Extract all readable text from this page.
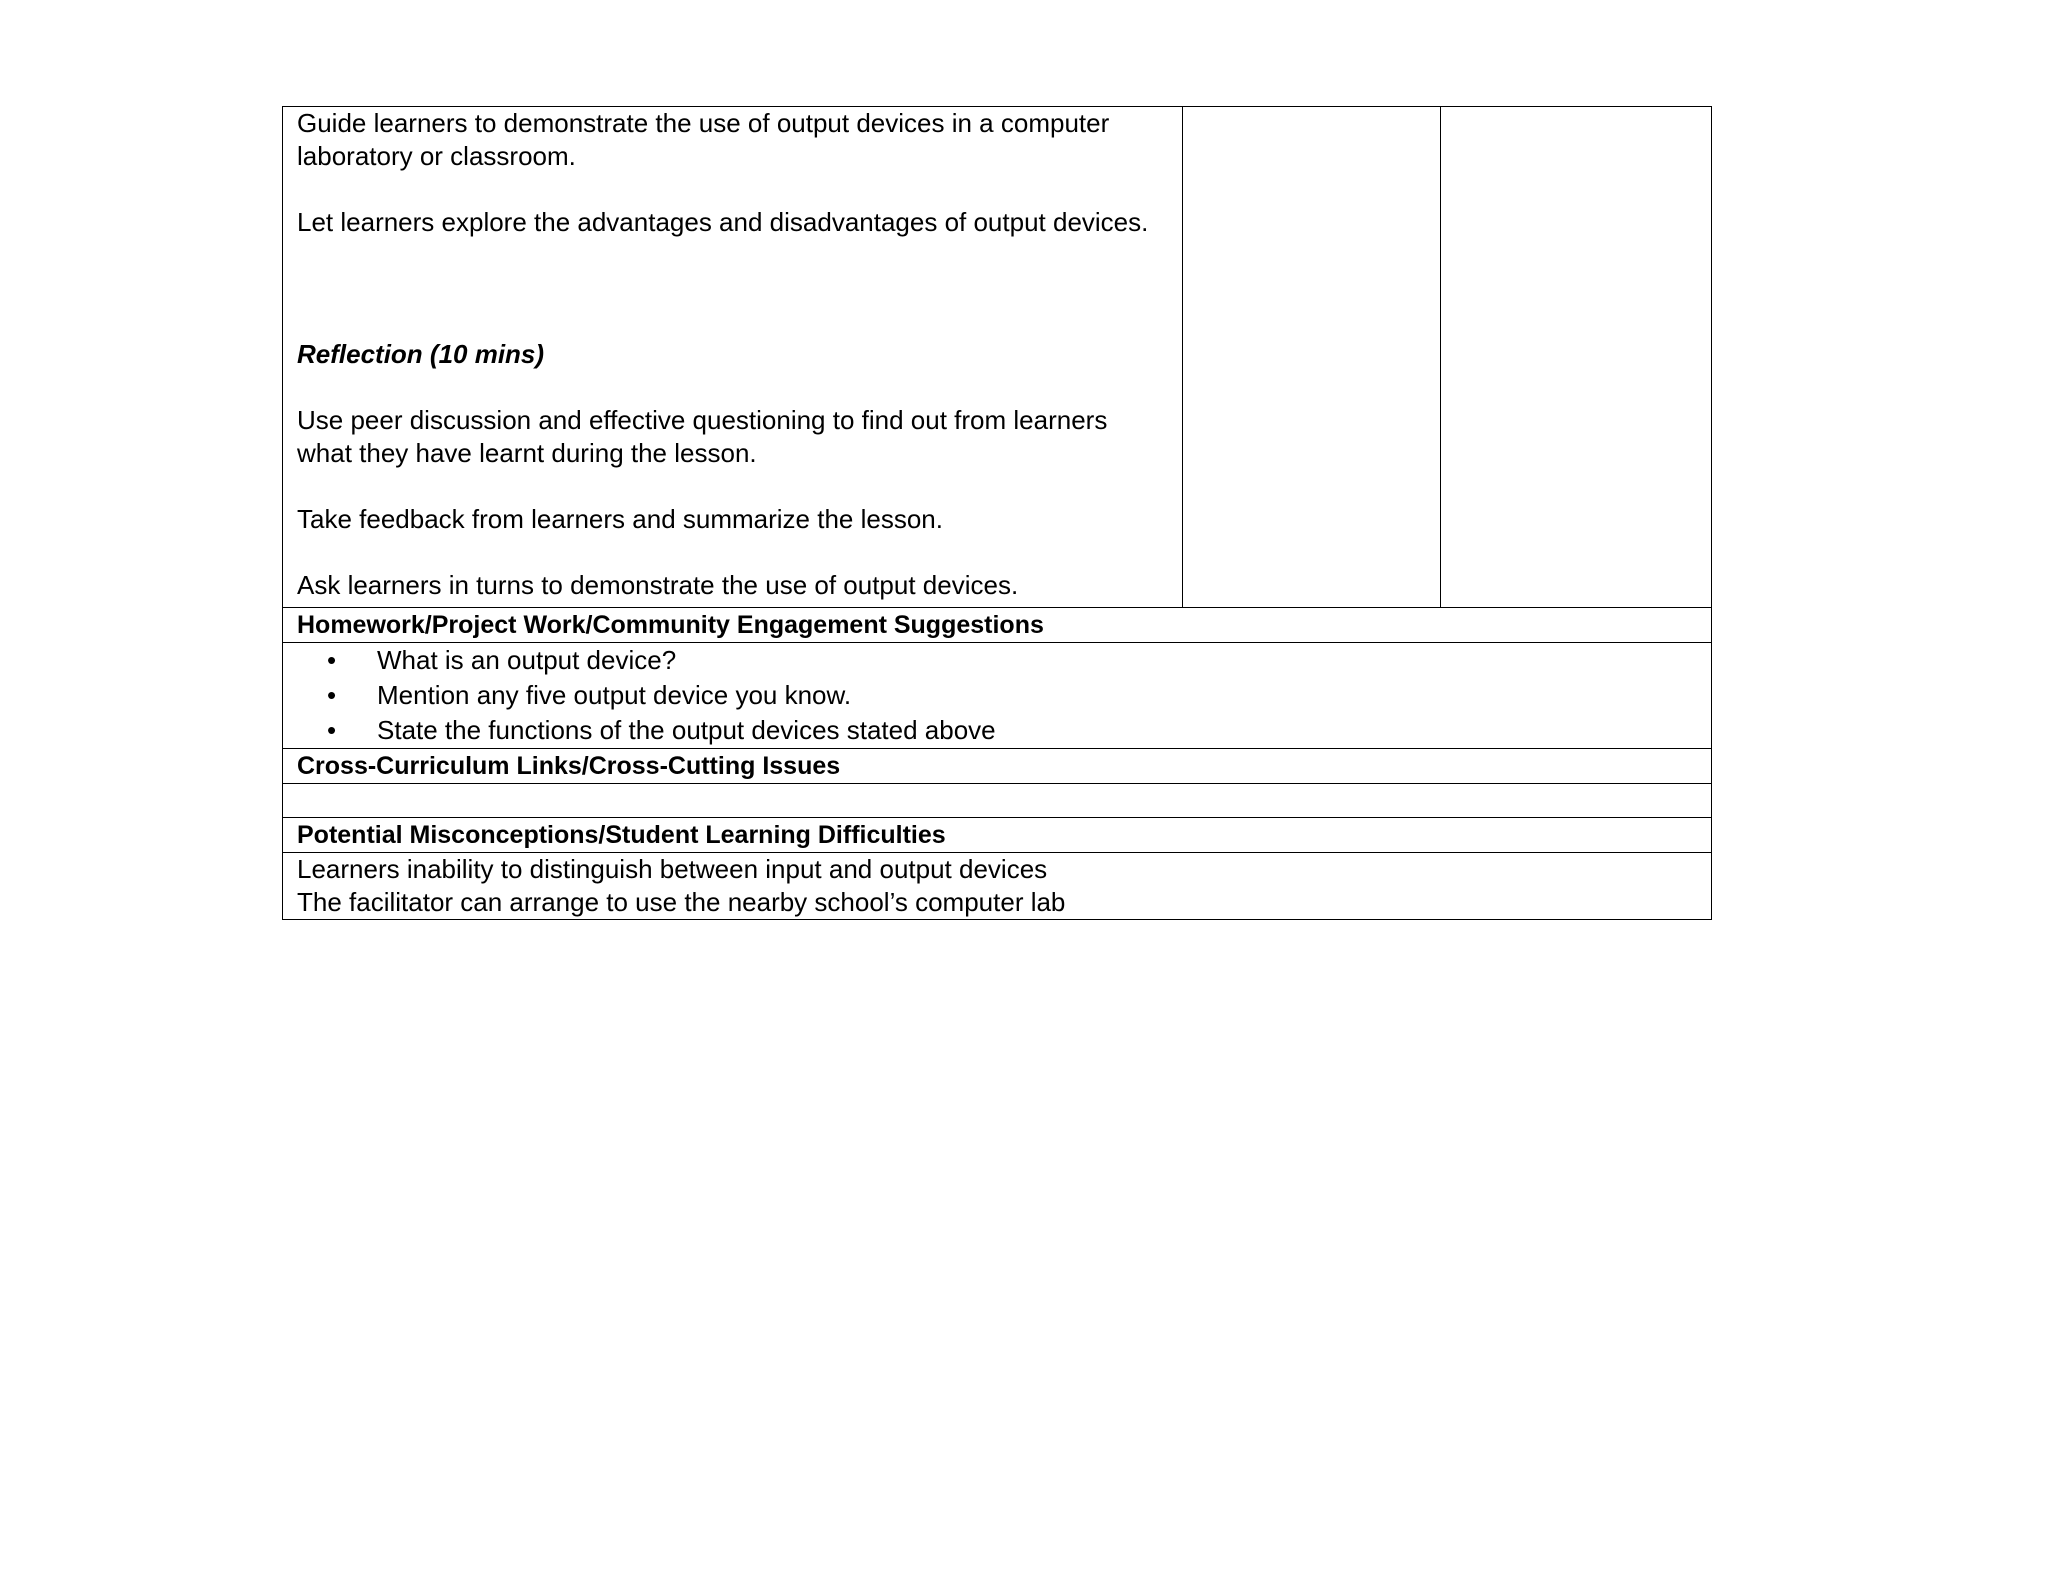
Guide learners to demonstrate the use of output devices in a computer laboratory or classroom.

Let learners explore the advantages and disadvantages of output devices.

Reflection (10 mins)

Use peer discussion and effective questioning to find out from learners what they have learnt during the lesson.

Take feedback from learners and summarize the lesson.

Ask learners in turns to demonstrate the use of output devices.

Homework/Project Work/Community Engagement Suggestions

• What is an output device?
• Mention any five output device you know.
• State the functions of the output devices stated above

Cross-Curriculum Links/Cross-Cutting Issues

Potential Misconceptions/Student Learning Difficulties

Learners inability to distinguish between input and output devices
The facilitator can arrange to use the nearby school’s computer lab
